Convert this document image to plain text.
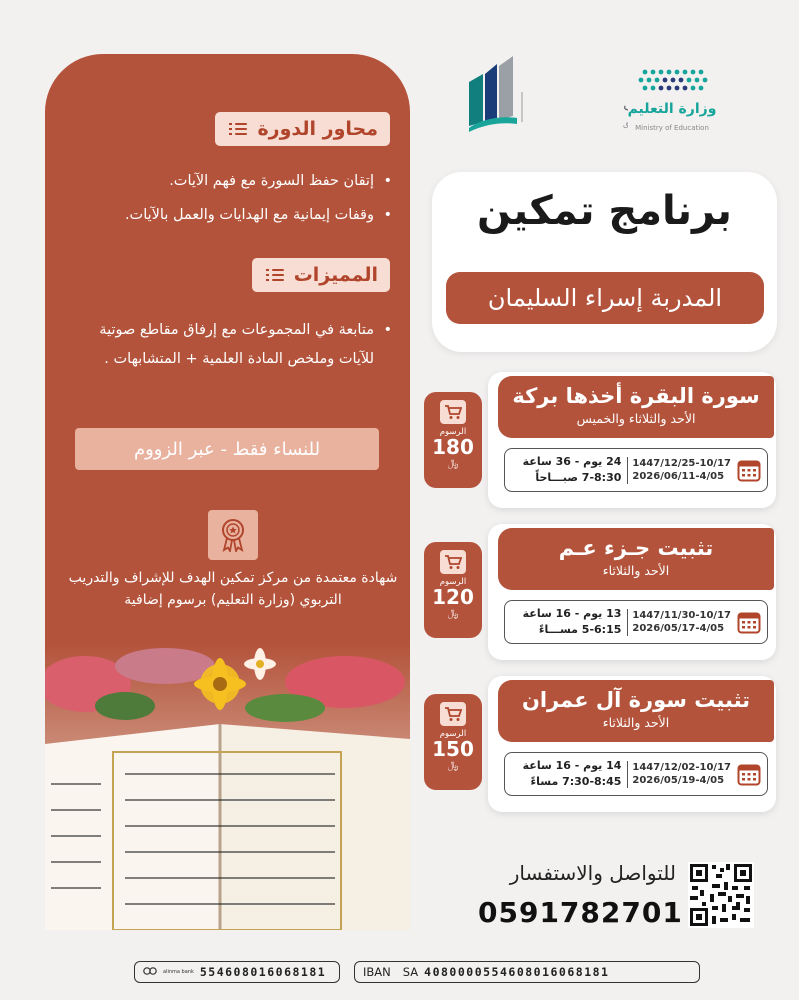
محاور الدورة
• إتقان حفظ السورة مع فهم الآيات.
• وقفات إيمانية مع الهدايات والعمل بالآيات.
المميزات
• متابعة في المجموعات مع إرفاق مقاطع صوتية للآيات وملخص المادة العلمية + المتشابهات .
للنساء فقط - عبر الزووم
شهادة معتمدة من مركز تمكين الهدف للإشراف والتدريب التربوي (وزارة التعليم) برسوم إضافية
وزارة التعليم
Ministry of Education
ق
برنامج تمكين
المدربة إسراء السليمان
الرسوم
180
﷼
سورة البقرة أخذها بركة
الأحد والثلاثاء والخميس
1447/12/25-10/17
2026/06/11-4/05
24 يوم - 36 ساعة
7-8:30 صبـــاحاً
الرسوم
120
﷼
تثبيت جـزء عـم
الأحد والثلاثاء
1447/11/30-10/17
2026/05/17-4/05
13 يوم - 16 ساعة
5-6:15 مســـاءً
الرسوم
150
﷼
تثبيت سورة آل عمران
الأحد والثلاثاء
1447/12/02-10/17
2026/05/19-4/05
14 يوم - 16 ساعة
7:30-8:45 مساءً
للتواصل والاستفسار
0591782701
alinma bank 554608016068181	IBAN SA 4080000554608016068181
